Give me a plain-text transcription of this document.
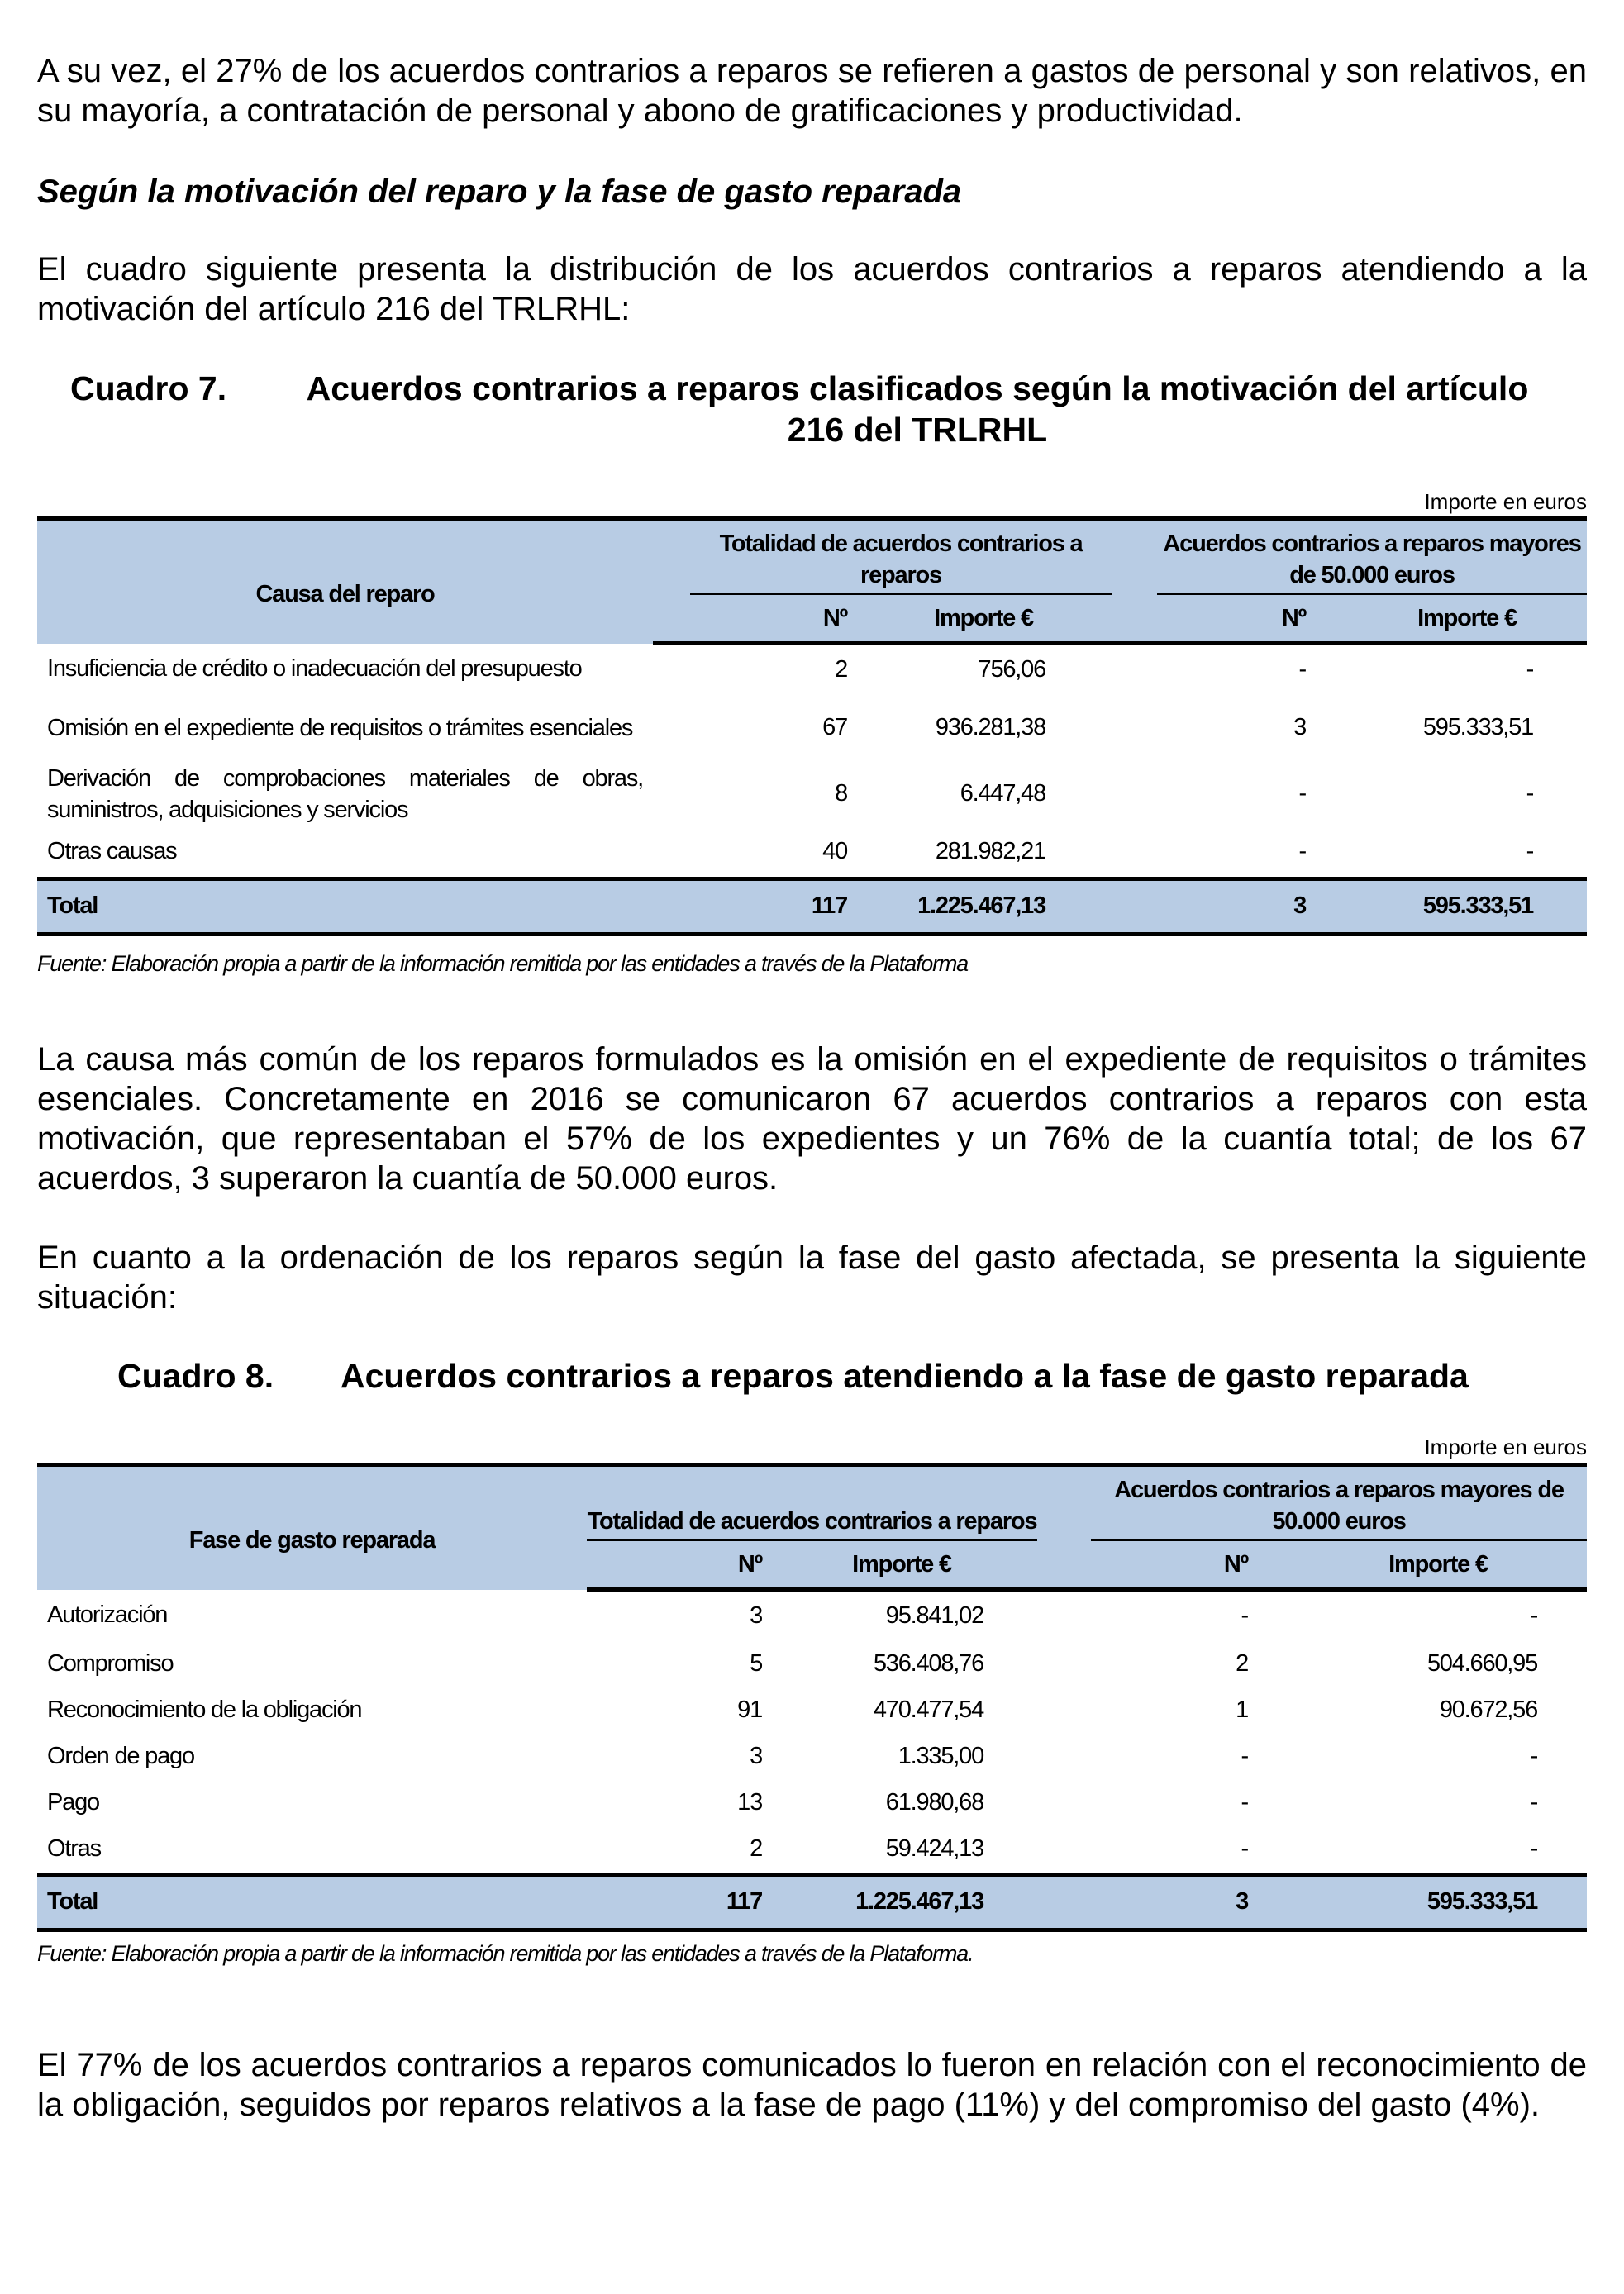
A su vez, el 27% de los acuerdos contrarios a reparos se refieren a gastos de personal y son relativos, en su mayoría, a contratación de personal y abono de gratificaciones y productividad.

Según la motivación del reparo y la fase de gasto reparada

El cuadro siguiente presenta la distribución de los acuerdos contrarios a reparos atendiendo a la motivación del artículo 216 del TRLRHL:

Cuadro 7.	Acuerdos contrarios a reparos clasificados según la motivación del artículo 216 del TRLRHL
Importe en euros
Causa del reparo	Totalidad de acuerdos contrarios a reparos			Acuerdos contrarios a reparos mayores de 50.000 euros	

	Nº	Importe €		Nº	Importe €
Insuficiencia de crédito o inadecuación del presupuesto	2	756,06		-	-
Omisión en el expediente de requisitos o trámites esenciales	67	936.281,38		3	595.333,51
Derivación de comprobaciones materiales de obras, suministros, adquisiciones y servicios	8	6.447,48		-	-
Otras causas	40	281.982,21		-	-
Total	117	1.225.467,13		3	595.333,51
Fuente: Elaboración propia a partir de la información remitida por las entidades a través de la Plataforma

La causa más común de los reparos formulados es la omisión en el expediente de requisitos o trámites esenciales. Concretamente en 2016 se comunicaron 67 acuerdos contrarios a reparos con esta motivación, que representaban el 57% de los expedientes y un 76% de la cuantía total; de los 67 acuerdos, 3 superaron la cuantía de 50.000 euros.

En cuanto a la ordenación de los reparos según la fase del gasto afectada, se presenta la siguiente situación:

Cuadro 8. Acuerdos contrarios a reparos atendiendo a la fase de gasto reparada
Importe en euros
Fase de gasto reparada	Totalidad de acuerdos contrarios a reparos			Acuerdos contrarios a reparos mayores de 50.000 euros	

	Nº	Importe €		Nº	Importe €
Autorización	3	95.841,02		-	-
Compromiso	5	536.408,76		2	504.660,95
Reconocimiento de la obligación	91	470.477,54		1	90.672,56
Orden de pago	3	1.335,00		-	-
Pago	13	61.980,68		-	-
Otras	2	59.424,13		-	-
Total	117	1.225.467,13		3	595.333,51
Fuente: Elaboración propia a partir de la información remitida por las entidades a través de la Plataforma.

El 77% de los acuerdos contrarios a reparos comunicados lo fueron en relación con el reconocimiento de la obligación, seguidos por reparos relativos a la fase de pago (11%) y del compromiso del gasto (4%).
